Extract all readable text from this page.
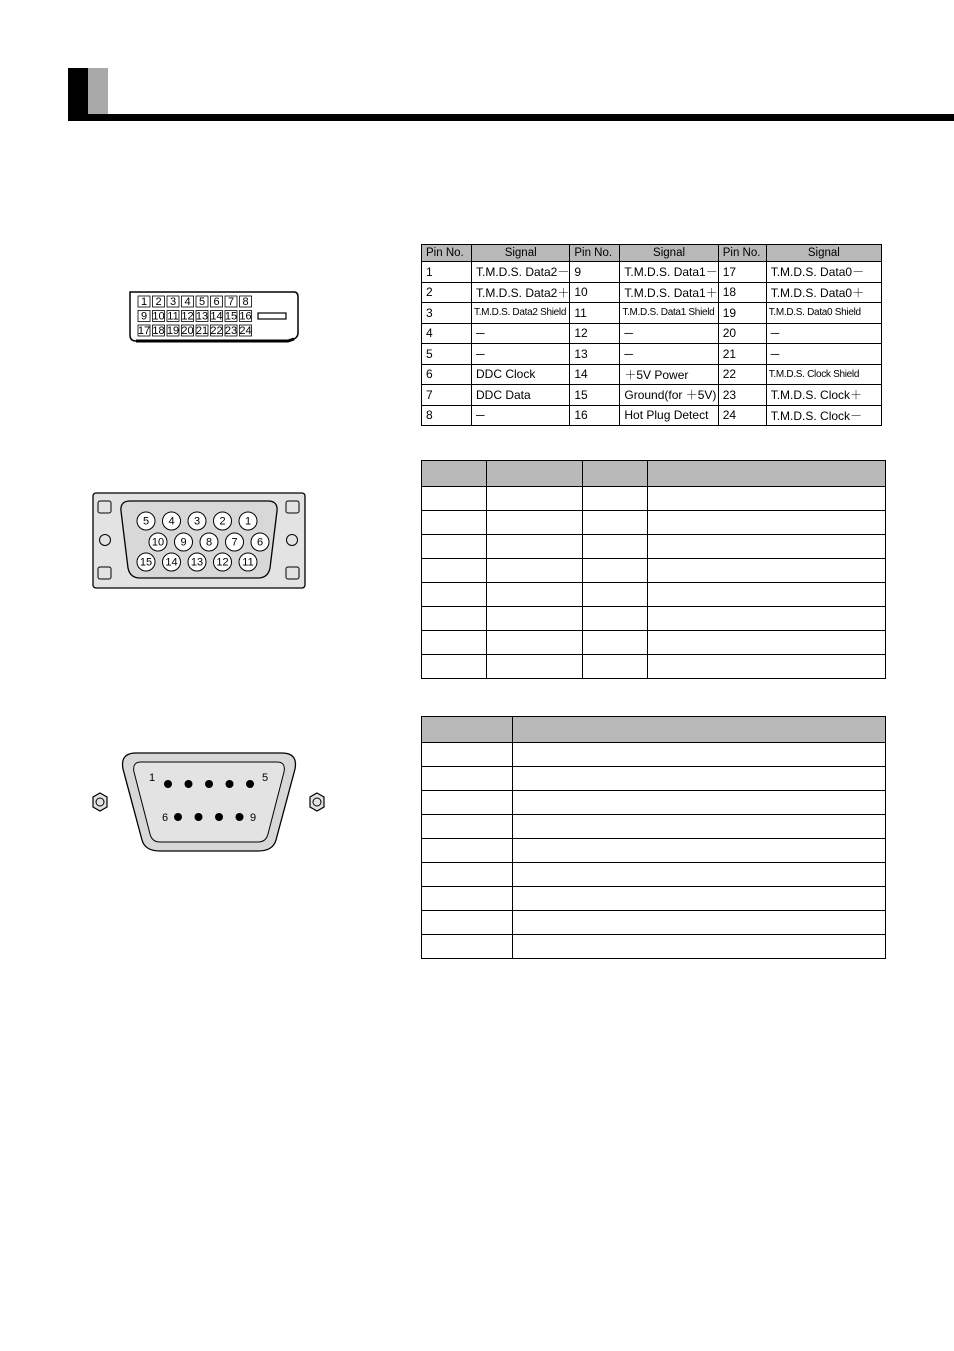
1 2 3 4 5 6 7 8
9 10 11 12 13 14 15 16
17 18 19 20 21 22 23 24
Pin No.	Signal	Pin No.	Signal	Pin No.	Signal
1	T.M.D.S. Data2－	9	T.M.D.S. Data1－	17	T.M.D.S. Data0－
2	T.M.D.S. Data2＋	10	T.M.D.S. Data1＋	18	T.M.D.S. Data0＋
3	T.M.D.S. Data2 Shield	11	T.M.D.S. Data1 Shield	19	T.M.D.S. Data0 Shield
4	─	12	─	20	─
5	─	13	─	21	─
6	DDC Clock	14	＋5V Power	22	T.M.D.S. Clock Shield
7	DDC Data	15	Ground(for ＋5V)	23	T.M.D.S. Clock＋
8	─	16	Hot Plug Detect	24	T.M.D.S. Clock－
5 4 3 2 1
10 9 8 7 6
15 14 13 12 11

1	5
6	9
